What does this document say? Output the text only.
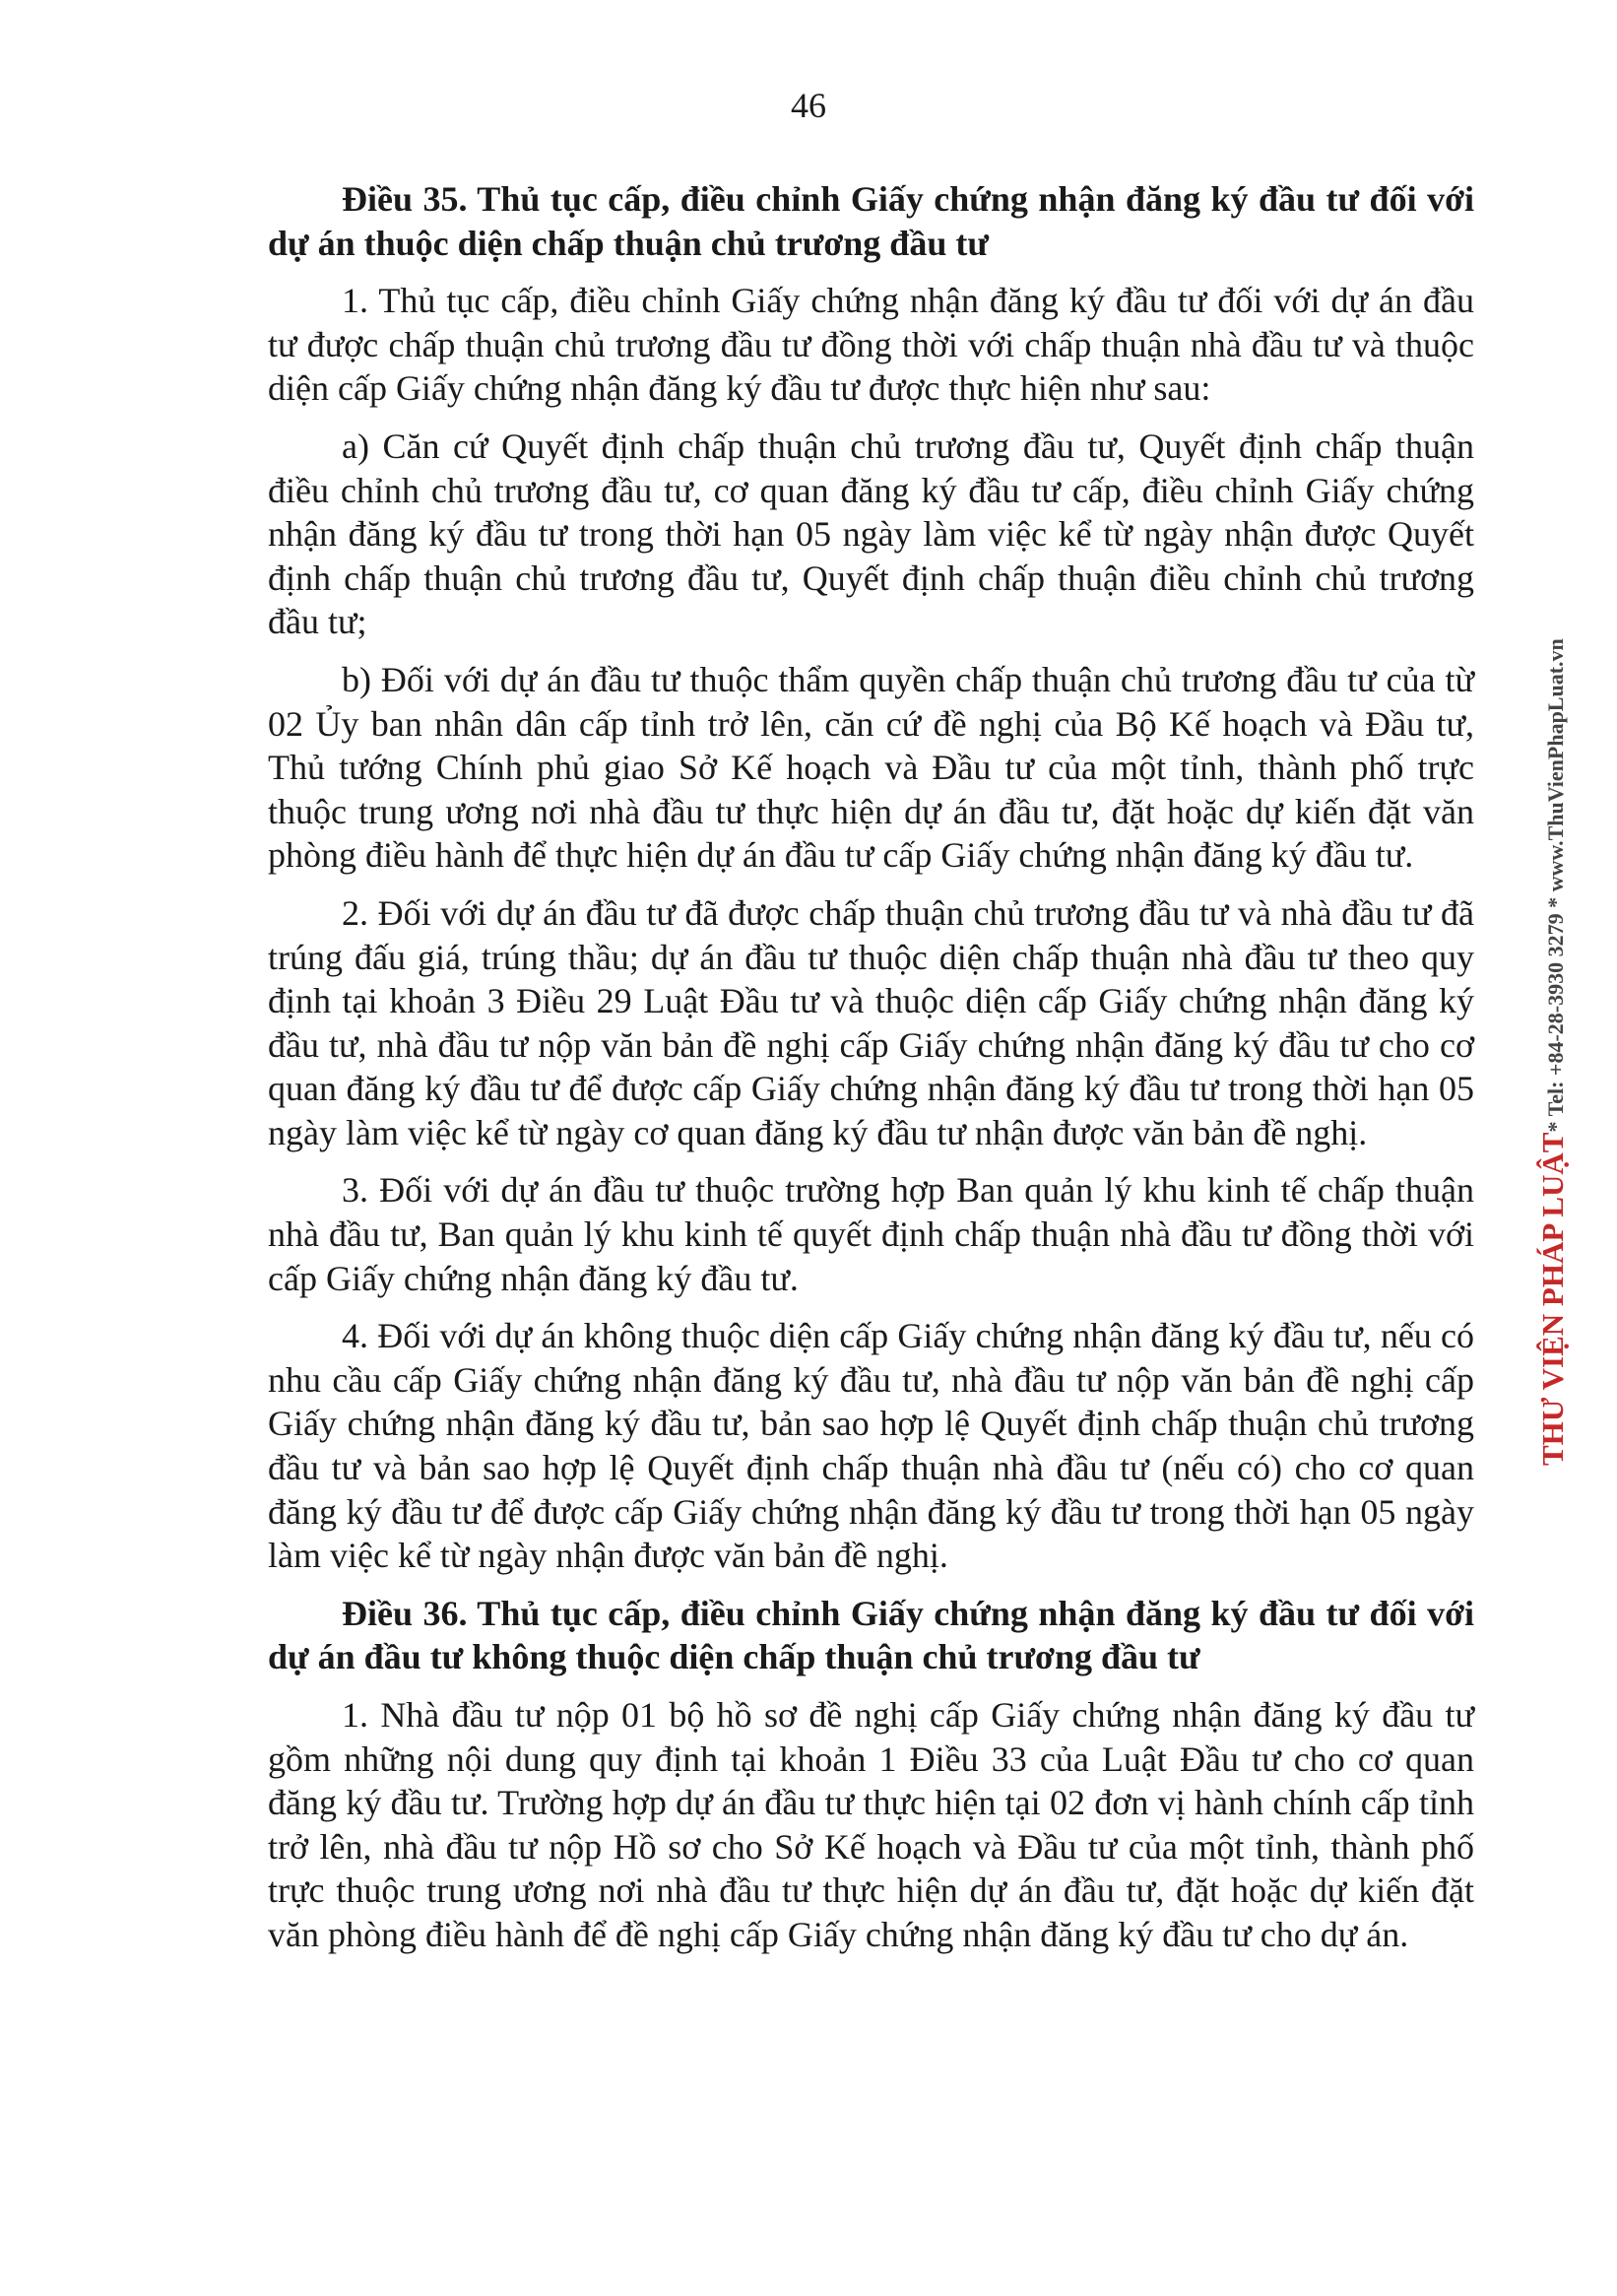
46

Điều 35. Thủ tục cấp, điều chỉnh Giấy chứng nhận đăng ký đầu tư đối với dự án thuộc diện chấp thuận chủ trương đầu tư

1. Thủ tục cấp, điều chỉnh Giấy chứng nhận đăng ký đầu tư đối với dự án đầu tư được chấp thuận chủ trương đầu tư đồng thời với chấp thuận nhà đầu tư và thuộc diện cấp Giấy chứng nhận đăng ký đầu tư được thực hiện như sau:

a) Căn cứ Quyết định chấp thuận chủ trương đầu tư, Quyết định chấp thuận điều chỉnh chủ trương đầu tư, cơ quan đăng ký đầu tư cấp, điều chỉnh Giấy chứng nhận đăng ký đầu tư trong thời hạn 05 ngày làm việc kể từ ngày nhận được Quyết định chấp thuận chủ trương đầu tư, Quyết định chấp thuận điều chỉnh chủ trương đầu tư;

b) Đối với dự án đầu tư thuộc thẩm quyền chấp thuận chủ trương đầu tư của từ 02 Ủy ban nhân dân cấp tỉnh trở lên, căn cứ đề nghị của Bộ Kế hoạch và Đầu tư, Thủ tướng Chính phủ giao Sở Kế hoạch và Đầu tư của một tỉnh, thành phố trực thuộc trung ương nơi nhà đầu tư thực hiện dự án đầu tư, đặt hoặc dự kiến đặt văn phòng điều hành để thực hiện dự án đầu tư cấp Giấy chứng nhận đăng ký đầu tư.

2. Đối với dự án đầu tư đã được chấp thuận chủ trương đầu tư và nhà đầu tư đã trúng đấu giá, trúng thầu; dự án đầu tư thuộc diện chấp thuận nhà đầu tư theo quy định tại khoản 3 Điều 29 Luật Đầu tư và thuộc diện cấp Giấy chứng nhận đăng ký đầu tư, nhà đầu tư nộp văn bản đề nghị cấp Giấy chứng nhận đăng ký đầu tư cho cơ quan đăng ký đầu tư để được cấp Giấy chứng nhận đăng ký đầu tư trong thời hạn 05 ngày làm việc kể từ ngày cơ quan đăng ký đầu tư nhận được văn bản đề nghị.

3. Đối với dự án đầu tư thuộc trường hợp Ban quản lý khu kinh tế chấp thuận nhà đầu tư, Ban quản lý khu kinh tế quyết định chấp thuận nhà đầu tư đồng thời với cấp Giấy chứng nhận đăng ký đầu tư.

4. Đối với dự án không thuộc diện cấp Giấy chứng nhận đăng ký đầu tư, nếu có nhu cầu cấp Giấy chứng nhận đăng ký đầu tư, nhà đầu tư nộp văn bản đề nghị cấp Giấy chứng nhận đăng ký đầu tư, bản sao hợp lệ Quyết định chấp thuận chủ trương đầu tư và bản sao hợp lệ Quyết định chấp thuận nhà đầu tư (nếu có) cho cơ quan đăng ký đầu tư để được cấp Giấy chứng nhận đăng ký đầu tư trong thời hạn 05 ngày làm việc kể từ ngày nhận được văn bản đề nghị.

Điều 36. Thủ tục cấp, điều chỉnh Giấy chứng nhận đăng ký đầu tư đối với dự án đầu tư không thuộc diện chấp thuận chủ trương đầu tư

1. Nhà đầu tư nộp 01 bộ hồ sơ đề nghị cấp Giấy chứng nhận đăng ký đầu tư gồm những nội dung quy định tại khoản 1 Điều 33 của Luật Đầu tư cho cơ quan đăng ký đầu tư. Trường hợp dự án đầu tư thực hiện tại 02 đơn vị hành chính cấp tỉnh trở lên, nhà đầu tư nộp Hồ sơ cho Sở Kế hoạch và Đầu tư của một tỉnh, thành phố trực thuộc trung ương nơi nhà đầu tư thực hiện dự án đầu tư, đặt hoặc dự kiến đặt văn phòng điều hành để đề nghị cấp Giấy chứng nhận đăng ký đầu tư cho dự án.

THƯ VIỆN PHÁP LUẬT* Tel: +84-28-3930 3279 * www.ThuVienPhapLuat.vn
